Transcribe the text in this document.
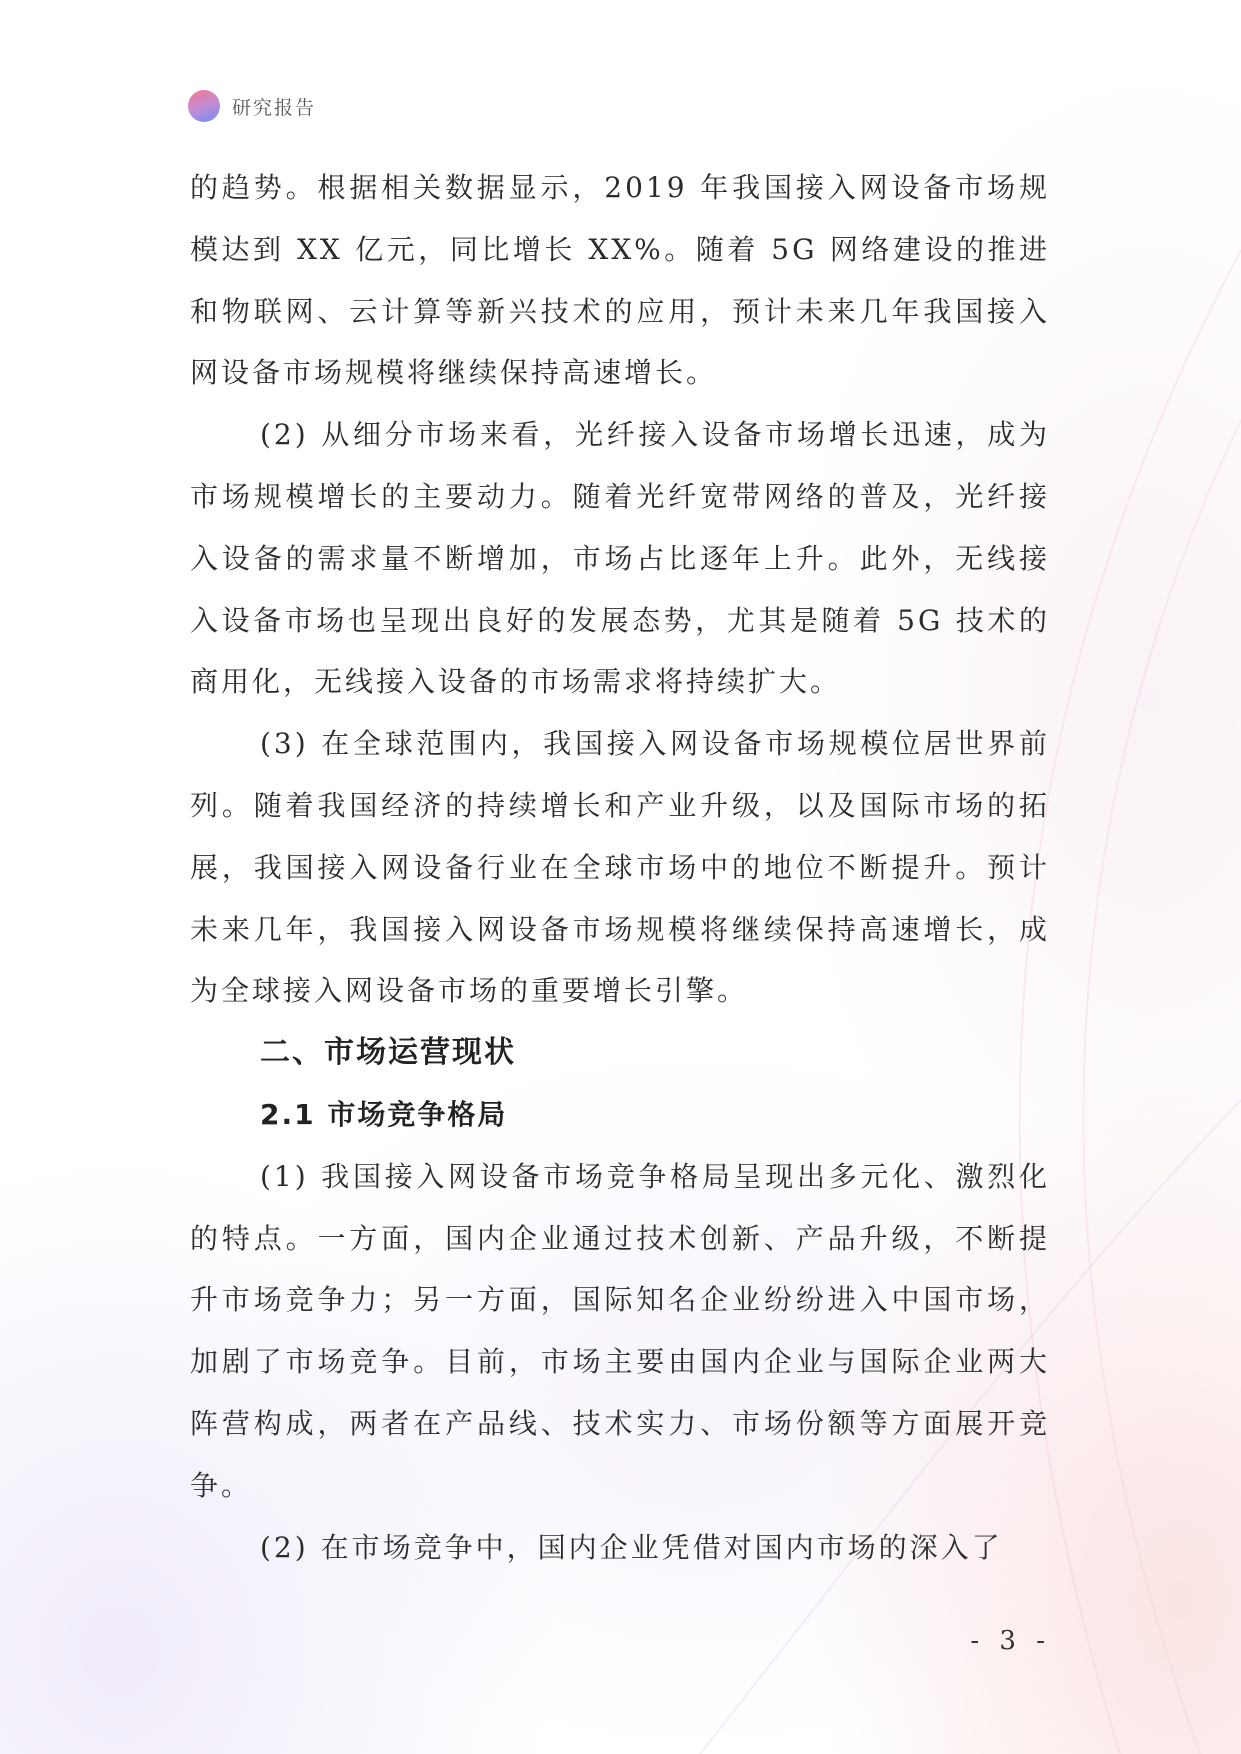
研究报告

的趋势。根据相关数据显示，2019 年我国接入网设备市场规模达到 XX 亿元，同比增长 XX%。随着 5G 网络建设的推进和物联网、云计算等新兴技术的应用，预计未来几年我国接入网设备市场规模将继续保持高速增长。

(2) 从细分市场来看，光纤接入设备市场增长迅速，成为市场规模增长的主要动力。随着光纤宽带网络的普及，光纤接入设备的需求量不断增加，市场占比逐年上升。此外，无线接入设备市场也呈现出良好的发展态势，尤其是随着 5G 技术的商用化，无线接入设备的市场需求将持续扩大。

(3) 在全球范围内，我国接入网设备市场规模位居世界前列。随着我国经济的持续增长和产业升级，以及国际市场的拓展，我国接入网设备行业在全球市场中的地位不断提升。预计未来几年，我国接入网设备市场规模将继续保持高速增长，成为全球接入网设备市场的重要增长引擎。

二、市场运营现状
2.1 市场竞争格局

(1) 我国接入网设备市场竞争格局呈现出多元化、激烈化的特点。一方面，国内企业通过技术创新、产品升级，不断提升市场竞争力；另一方面，国际知名企业纷纷进入中国市场，加剧了市场竞争。目前，市场主要由国内企业与国际企业两大阵营构成，两者在产品线、技术实力、市场份额等方面展开竞争。

(2) 在市场竞争中，国内企业凭借对国内市场的深入了

- 3 -
